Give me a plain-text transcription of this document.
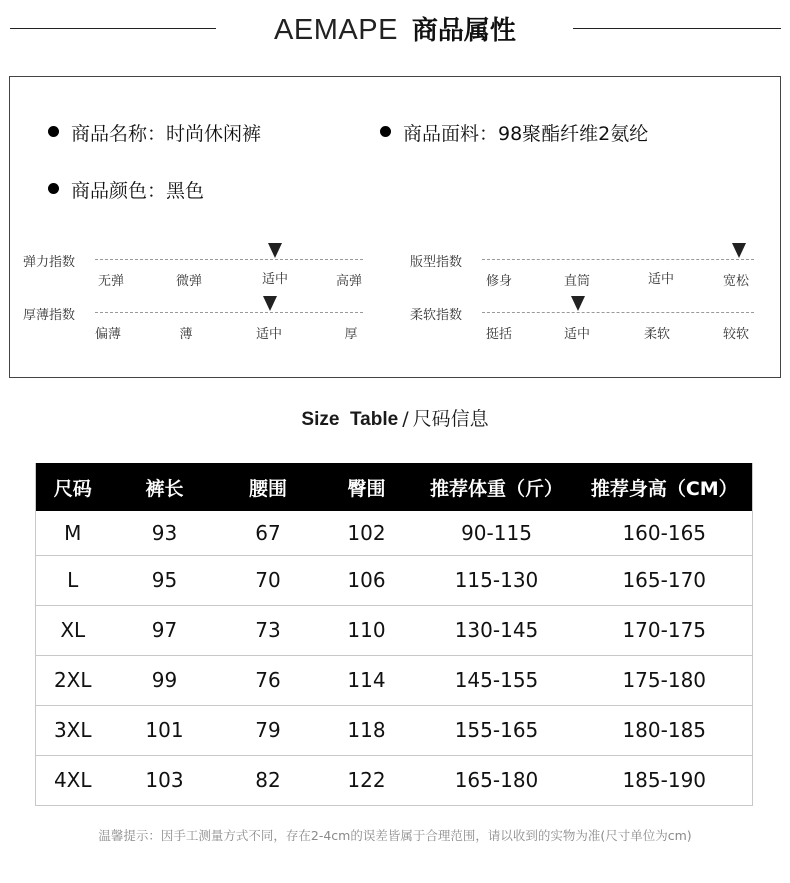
AEMAPE 商品属性
商品名称：时尚休闲裤	商品面料：98聚酯纤维2氨纶
商品颜色：黑色
弹力指数
无弹	微弹	适中	高弹
版型指数
修身	直筒	适中	宽松
厚薄指数
偏薄	薄	适中	厚
柔软指数
挺括	适中	柔软	较软
Size  Table / 尺码信息
尺码	裤长	腰围	臀围	推荐体重（斤）	推荐身高（CM）
M	93	67	102	90-115	160-165
L	95	70	106	115-130	165-170
XL	97	73	110	130-145	170-175
2XL	99	76	114	145-155	175-180
3XL	101	79	118	155-165	180-185
4XL	103	82	122	165-180	185-190
温馨提示：因手工测量方式不同，存在2-4cm的误差皆属于合理范围，请以收到的实物为准(尺寸单位为cm)
